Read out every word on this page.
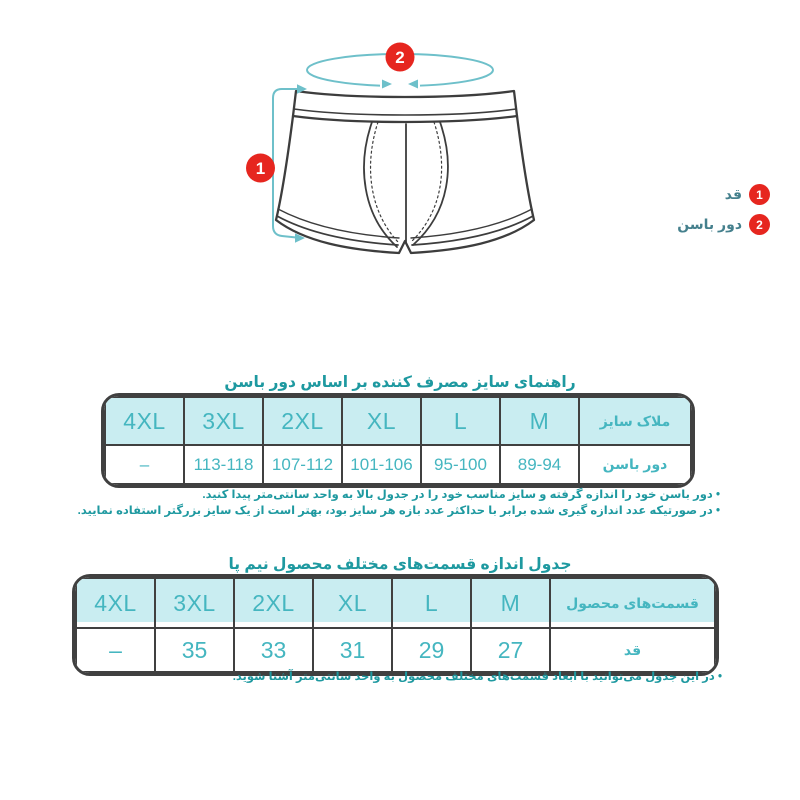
1
2
1
قد
2
دور باسن
راهنمای سایز مصرف کننده بر اساس دور باسن
ملاک سایز	M	L	XL	2XL	3XL	4XL
دور باسن	89-94	95-100	101-106	107-112	113-118	–
• دور باسن خود را اندازه گرفته و سایز مناسب خود را در جدول بالا به واحد سانتی‌متر پیدا کنید.
• در صورتیکه عدد اندازه گیری شده برابر با حداکثر عدد بازه هر سایز بود، بهتر است از یک سایز بزرگتر استفاده نمایید.
جدول اندازه قسمت‌های مختلف محصول نیم پا
قسمت‌های محصول	M	L	XL	2XL	3XL	4XL
قد	27	29	31	33	35	–
• در این جدول می‌توانید با ابعاد قسمت‌های مختلف محصول به واحد سانتی‌متر آشنا شوید.
